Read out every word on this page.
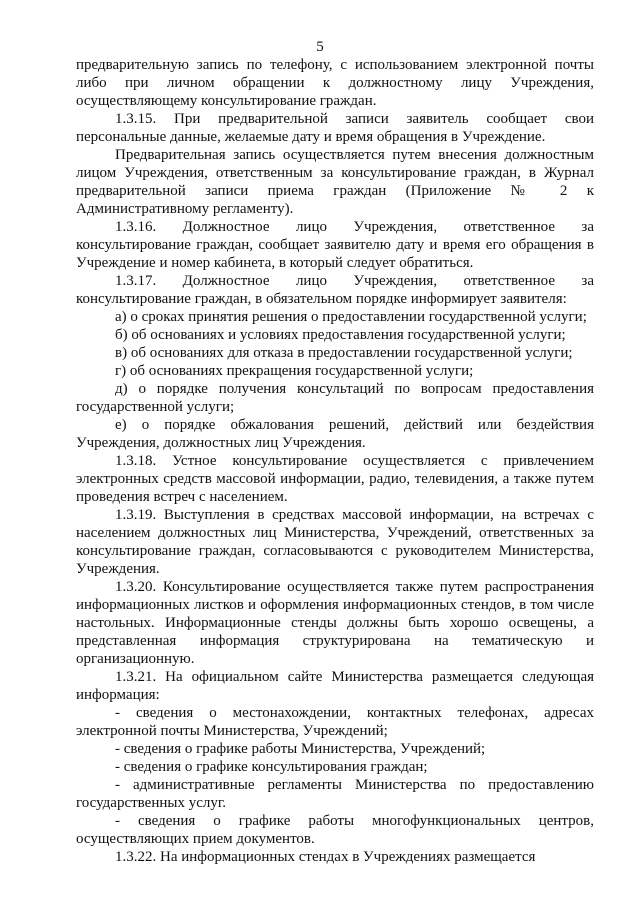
5

предварительную запись по телефону, с использованием электронной почты либо при личном обращении к должностному лицу Учреждения, осуществляющему консультирование граждан.

1.3.15. При предварительной записи заявитель сообщает свои персональные данные, желаемые дату и время обращения в Учреждение.

Предварительная запись осуществляется путем внесения должностным лицом Учреждения, ответственным за консультирование граждан, в Журнал предварительной записи приема граждан (Приложение № 2 к Административному регламенту).

1.3.16. Должностное лицо Учреждения, ответственное за консультирование граждан, сообщает заявителю дату и время его обращения в Учреждение и номер кабинета, в который следует обратиться.

1.3.17. Должностное лицо Учреждения, ответственное за консультирование граждан, в обязательном порядке информирует заявителя:

а) о сроках принятия решения о предоставлении государственной услуги;

б) об основаниях и условиях предоставления государственной услуги;

в) об основаниях для отказа в предоставлении государственной услуги;

г) об основаниях прекращения государственной услуги;

д) о порядке получения консультаций по вопросам предоставления государственной услуги;

е) о порядке обжалования решений, действий или бездействия Учреждения, должностных лиц Учреждения.

1.3.18. Устное консультирование осуществляется с привлечением электронных средств массовой информации, радио, телевидения, а также путем проведения встреч с населением.

1.3.19. Выступления в средствах массовой информации, на встречах с населением должностных лиц Министерства, Учреждений, ответственных за консультирование граждан, согласовываются с руководителем Министерства, Учреждения.

1.3.20. Консультирование осуществляется также путем распространения информационных листков и оформления информационных стендов, в том числе настольных. Информационные стенды должны быть хорошо освещены, а представленная информация структурирована на тематическую и организационную.

1.3.21. На официальном сайте Министерства размещается следующая информация:

- сведения о местонахождении, контактных телефонах, адресах электронной почты Министерства, Учреждений;

- сведения о графике работы Министерства, Учреждений;

- сведения о графике консультирования граждан;

- административные регламенты Министерства по предоставлению государственных услуг.

- сведения о графике работы многофункциональных центров, осуществляющих прием документов.

1.3.22. На информационных стендах в Учреждениях размещается
